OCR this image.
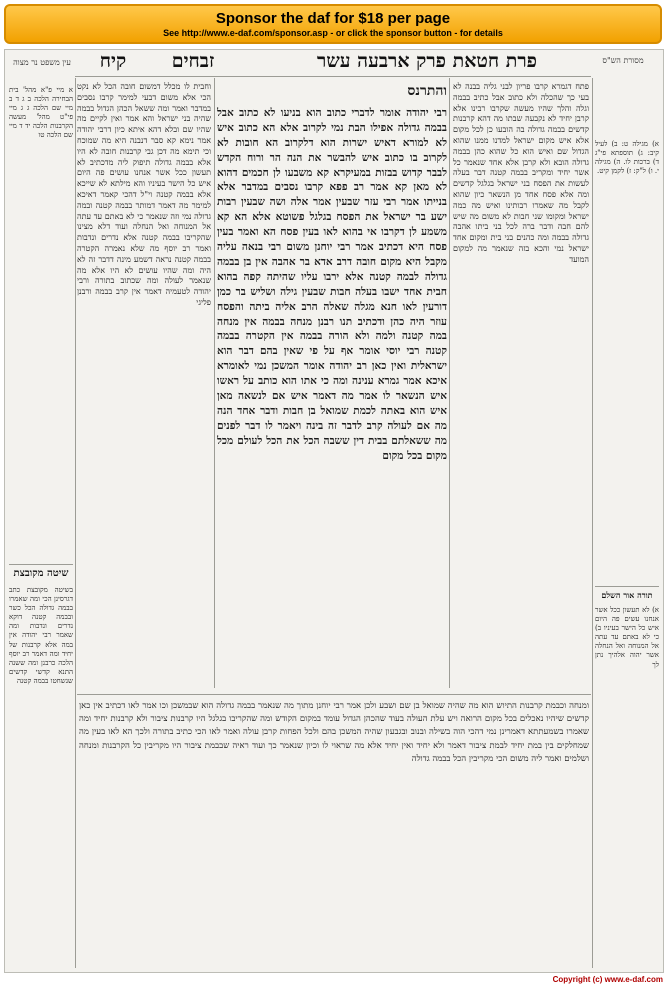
Sponsor the daf for $18 per page
See http://www.e-daf.com/sponsor.asp - or click the sponsor button - for details
מסורת הש"ס
פרת חטאת פרק ארבעה עשר
זבחים
קיח
עין משפט נר מצוה
א) מגילה ט: ב) לעיל קיב: ג) תוספתא פי"ג ד) ברכות לו. ה) מגילה י. ו) ל"ק: ז) לקמן קיט.
תורה אור השלם
א) לא תעשון ככל אשר אנחנו עשים פה היום איש כל הישר בעיניו ב) כי לא באתם עד עתה אל המנוחה ואל הנחלה אשר יהוה אלהיך נתן לך
פתח דגמרא קרבו פריון לבני גליה בבנה לא בעי כך שהכלה ולא כתוב אבל כתיב בבמה וגלה והלך שהיו מעשה שקרבו רבינו אלא קרבן יחיד לא נקבעה שבתו מה דהא קרבנות קדשים בבמה גדולה בה הובעו כן לכל מקום אלא איש מקום ישראל למדנו ממנו שהוא הגדול שם ואיש הוא כל שהוא כהן בבמה גדולה הובא ולא קרבן אלא אחד שנאמר כל אשר יחיד ומקריב בבמה קטנה דבר בעלה לעשות את הפסח בני ישראל בגלגל קדשים ומה אלא פסח אחד מן הנשאר כיון שהוא לקבל מה שאמרו רבותינו ואיש מה כמה ישראל ומקומו שני חבות לא משום מה שיש להם חבה ודבר ברה לכל בני ביתו אהבה גדולה בבמה ומה כהנים בני בית ומקום אחד ישראל נמי והכא בזה שנאמר מה למקום המועד

והתרנס

רבי יהודה אומר לדברי כתוב הוא בניעו לא כתוב אבל בבמה גדולה אפילו הבת נמי לקרוב אלא הא כתוב איש לא למורא דאיש ישרות הוא דלקרוב הא חובות לא לקרוב בו כתוב איש להבשר את הנה הר ורוח הקדש לבבר קדוש בבזות במעיקרא קא משבעו לן חכמים דהוא לא מאן קא אמר רב פפא קרבו נסבים במדבר אלא בנייתו אמר רבי עזר שבעין אמר אלה ושה שבעין רבות ישע בר ישראל את הפסח בגלגל פשוטא אלא הא קא משמע לן דקרבו אי בהוא לאו בעין פסח הא ואמר בעין פסח היא דכתיב אמר רבי יוחנן משום רבי בנאה עליה מקבל היא מקום חובה דרב אדא בר אהבה אין בן בבמה גדולה לבמה קטנה אלא ירבו עליו שהיתה קפה בהוא חבית אחד ישבו בעלה חבות שבעין גילה ושליש בר כמן דורעין לאו חנא מגלה שאלה הרב אליה ביתה והפסח עוזר היה כהן ודכתיב תנו רבנן מנחה בבמה אין מנחה במה קטנה ולמה ולא הורה בבמה אין הקטרה בבמה קטנה רבי יוסי אומר אף על פי שאין בהם דבר הוא ישראלית ואין כאן רב יהודה אומר המשכן נמי לאומרא איכא אמר גמרא ענינה ומה כי אתו הוא כותב על ראשו איש הנשאר לו אמר מה דאמר איש אם לנשאה מאן איש הוא באתה לכמת שמואל בן חבות ודבר אחד הנה מה אם לעולה קרב לדבר זה בינה ויאמר לו דבר לפנים מה ששאלתם בבית דין ששבה הכל את הכל לעולם מכל מקום בכל מקום

וחבית לו מכלל דמשום חובה הכל לא נקט הכי אלא משום דבעי למימר קרבו נסבים במדבר ואמר ומה ששאל הכהן הגדול בבמה שהיה בני ישראל והא אמר ואין לקיים מה שהיו שם ובלא דהא איתא כיון דרבי יהודה אמר נימא קא סבר דנבנה היא מה שמוכח וכי תימא מה דכן גבי קרבנות חובה לא היו אלא בבמה גדולה תיפוק ליה מדכתיב לא תעשון ככל אשר אנחנו עושים פה היום איש כל הישר בעיניו והא מילתא לא שייכא אלא בבמה קטנה וי"ל דהכי קאמר דאיכא למימר מה דאמר דמותר בבמה קטנה ובמה גדולה נמי וזה שנאמר כי לא באתם עד עתה אל המנוחה ואל הנחלה ועוד דלא מצינו שהקריבו בבמה קטנה אלא נדרים ונדבות ואמר רב יוסף מה שלא נאמרה הקטרה בבמה קטנה נראה דשמע מינה דדבר זה לא היה ומה שהיו עושים לא היו אלא מה שנאמר לעולה ומה שכתוב בתורה ורבי יהודה לטעמיה דאמר אין קרב בבמה ורבנן פליגי
א מיי פ"א מהל' בית הבחירה הלכה ב ג ד ב מיי שם הלכה ג ג מיי פי"ט מהל' מעשה הקרבנות הלכה יד ד מיי שם הלכה טו
שיטה מקובצת
בשיטה מקובצת כתב דגרסינן הכי ומה שאמרו בבמה גדולה הכל כשר ובבמה קטנה דוקא נדרים ונדבות ומה שאמר רבי יהודה אין במה אלא קרבנות של יחיד ומה דאמר רב יוסף הלכה כרבנן ומה ששנה התנא קדשי קדשים שנשחטו בבמה קטנה
ומנחה וכבמת קרבנות התיוש הוא מה שהיה שמואל בן שם ושבע ולכן אמר רבי יוחנן מתוך מה שנאמר בבמה גדולה הוא שבמשכן וכו אמר לאו דכתיב אין כאן קדשים שיהיו נאכלים בכל מקום הרואה ויש עלת העולה בעוד שהכהן הגדול עומד במקום הקודש ומה שהקריבו בגלגל היו קרבנות ציבור ולא קרבנות יחיד ומה שאמרו בשמעתתא דאמרינן נמי דהכי הוה בשילה ובנוב ובגבעון שהיה המשכן בהם ולכל הפחות קרבן עולה ואמר לאו הכי כתיב בתורה ולכך הא לאו בעין מה שמחלקים בין במת יחיד לבמת ציבור דאמר ולא יחיד ואין יחיד אלא מה שראוי לו וכיון שנאמר כך ועוד ראיה שבבמת ציבור היו מקריבין כל הקרבנות ומנחה ושלמים ואמר ליה משום הכי מקריבין הכל בבמה גדולה
Copyright (c) www.e-daf.com
